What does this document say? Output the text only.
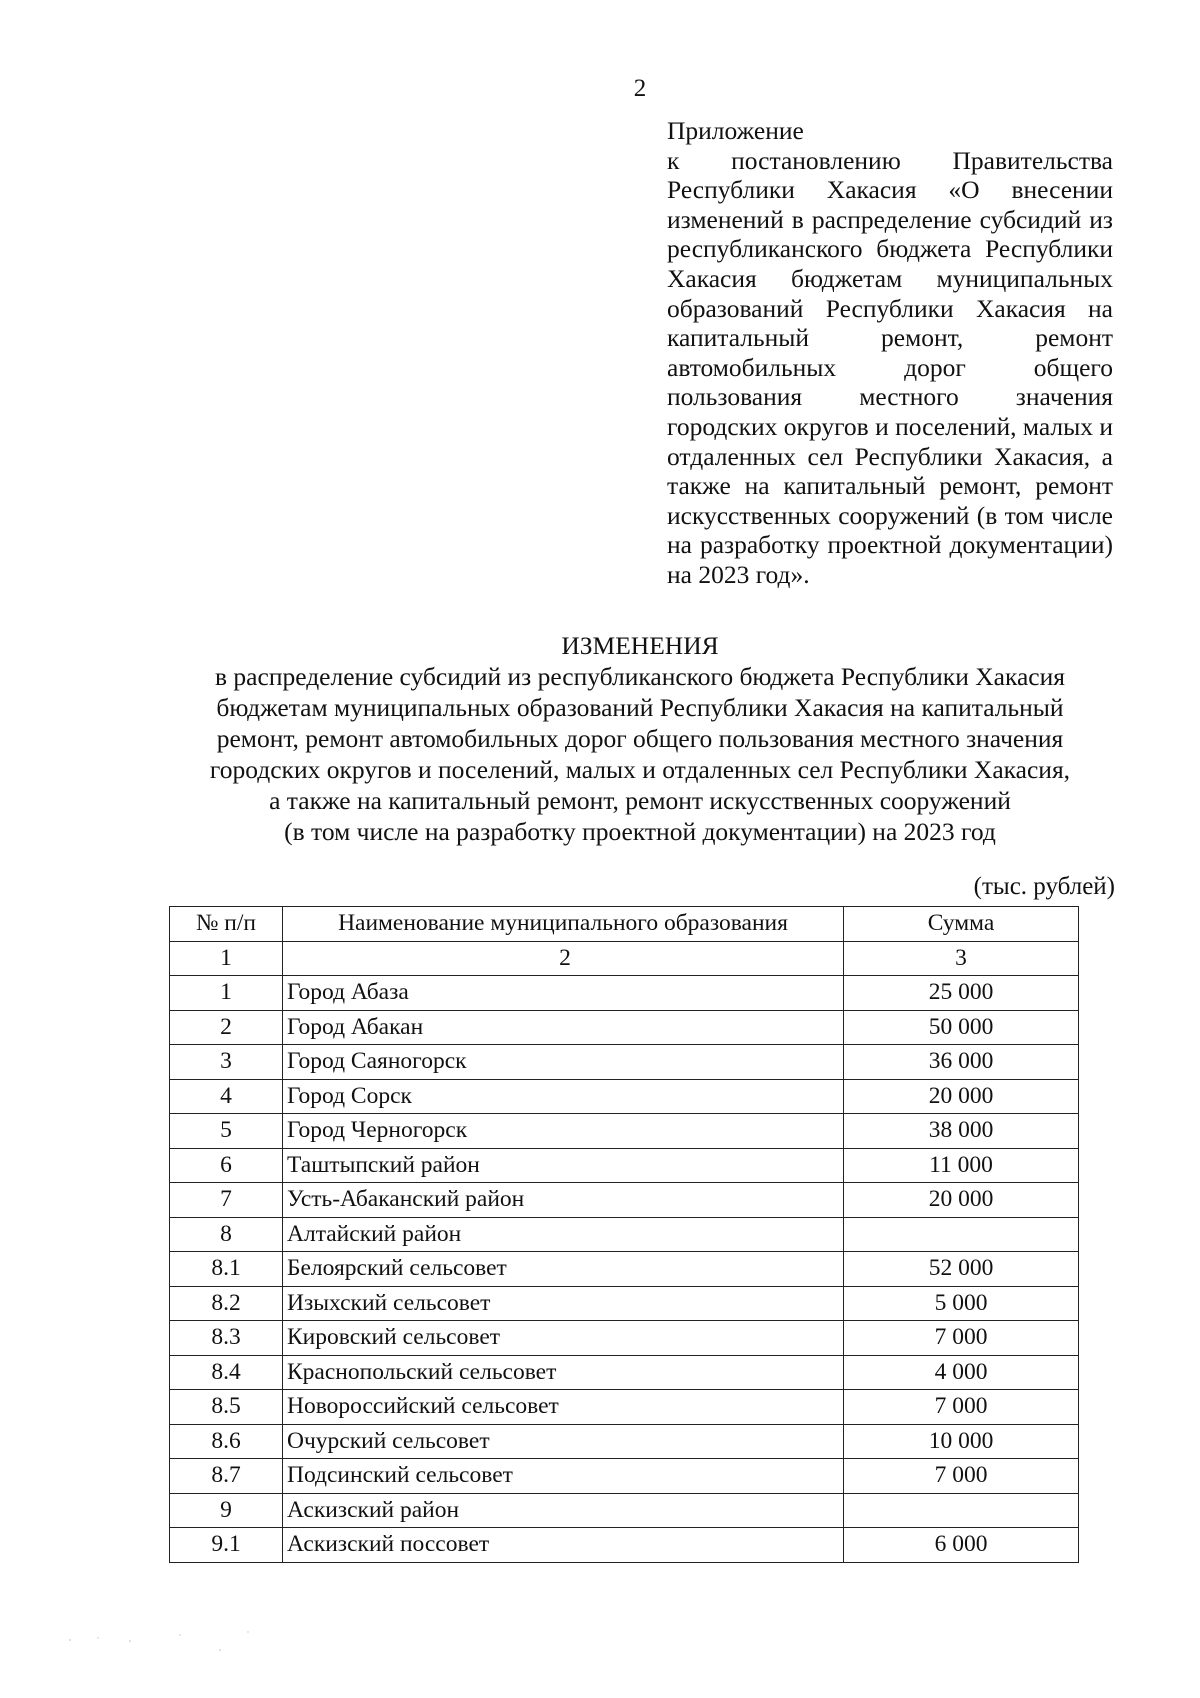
2
Приложение
к постановлению Правительства Республики Хакасия «О внесении изменений в распределение субсидий из республиканского бюджета Республики Хакасия бюджетам муниципальных образований Республики Хакасия на капитальный ремонт, ремонт автомобильных дорог общего пользования местного значения городских округов и поселений, малых и отдаленных сел Республики Хакасия, а также на капитальный ремонт, ремонт искусственных сооружений (в том числе на разработку проектной документации) на 2023 год».
ИЗМЕНЕНИЯ
в распределение субсидий из республиканского бюджета Республики Хакасия
бюджетам муниципальных образований Республики Хакасия на капитальный
ремонт, ремонт автомобильных дорог общего пользования местного значения
городских округов и поселений, малых и отдаленных сел Республики Хакасия,
а также на капитальный ремонт, ремонт искусственных сооружений
(в том числе на разработку проектной документации) на 2023 год
(тыс. рублей)
№ п/п	Наименование муниципального образования	Сумма
1	2	3
1	Город Абаза	25 000
2	Город Абакан	50 000
3	Город Саяногорск	36 000
4	Город Сорск	20 000
5	Город Черногорск	38 000
6	Таштыпский район	11 000
7	Усть-Абаканский район	20 000
8	Алтайский район	
8.1	Белоярский сельсовет	52 000
8.2	Изыхский сельсовет	5 000
8.3	Кировский сельсовет	7 000
8.4	Краснопольский сельсовет	4 000
8.5	Новороссийский сельсовет	7 000
8.6	Очурский сельсовет	10 000
8.7	Подсинский сельсовет	7 000
9	Аскизский район	
9.1	Аскизский поссовет	6 000
